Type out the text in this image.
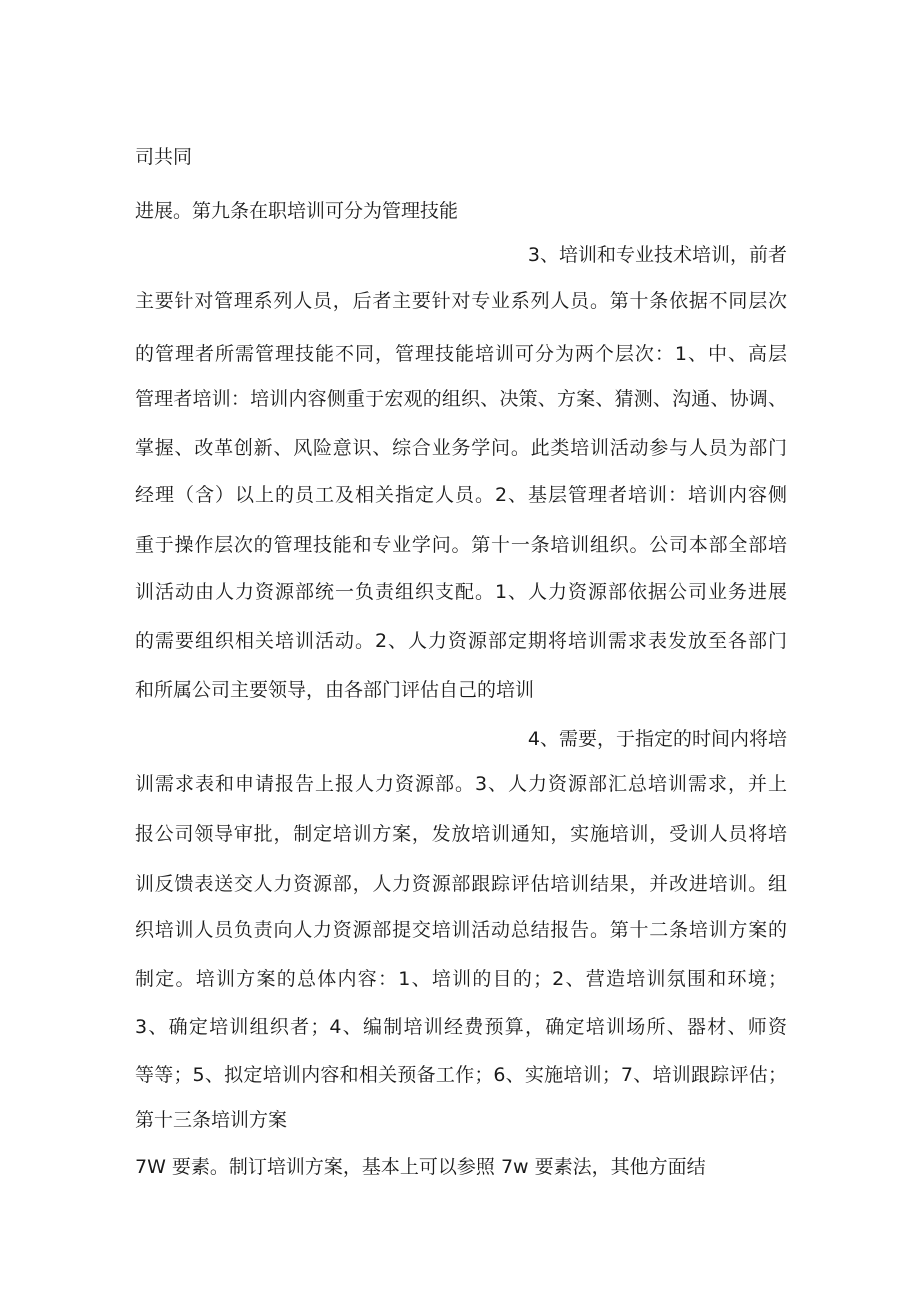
司共同
进展。第九条在职培训可分为管理技能
3、培训和专业技术培训，前者
主要针对管理系列人员，后者主要针对专业系列人员。第十条依据不同层次
的管理者所需管理技能不同，管理技能培训可分为两个层次：1、中、高层
管理者培训：培训内容侧重于宏观的组织、决策、方案、猜测、沟通、协调、
掌握、改革创新、风险意识、综合业务学问。此类培训活动参与人员为部门
经理（含）以上的员工及相关指定人员。2、基层管理者培训：培训内容侧
重于操作层次的管理技能和专业学问。第十一条培训组织。公司本部全部培
训活动由人力资源部统一负责组织支配。1、人力资源部依据公司业务进展
的需要组织相关培训活动。2、人力资源部定期将培训需求表发放至各部门
和所属公司主要领导，由各部门评估自己的培训
4、需要，于指定的时间内将培
训需求表和申请报告上报人力资源部。3、人力资源部汇总培训需求，并上
报公司领导审批，制定培训方案，发放培训通知，实施培训，受训人员将培
训反馈表送交人力资源部，人力资源部跟踪评估培训结果，并改进培训。组
织培训人员负责向人力资源部提交培训活动总结报告。第十二条培训方案的
制定。培训方案的总体内容：1、培训的目的；2、营造培训氛围和环境；
3、确定培训组织者；4、编制培训经费预算，确定培训场所、器材、师资
等等；5、拟定培训内容和相关预备工作；6、实施培训；7、培训跟踪评估；
第十三条培训方案
7W 要素。制订培训方案，基本上可以参照 7w 要素法，其他方面结
